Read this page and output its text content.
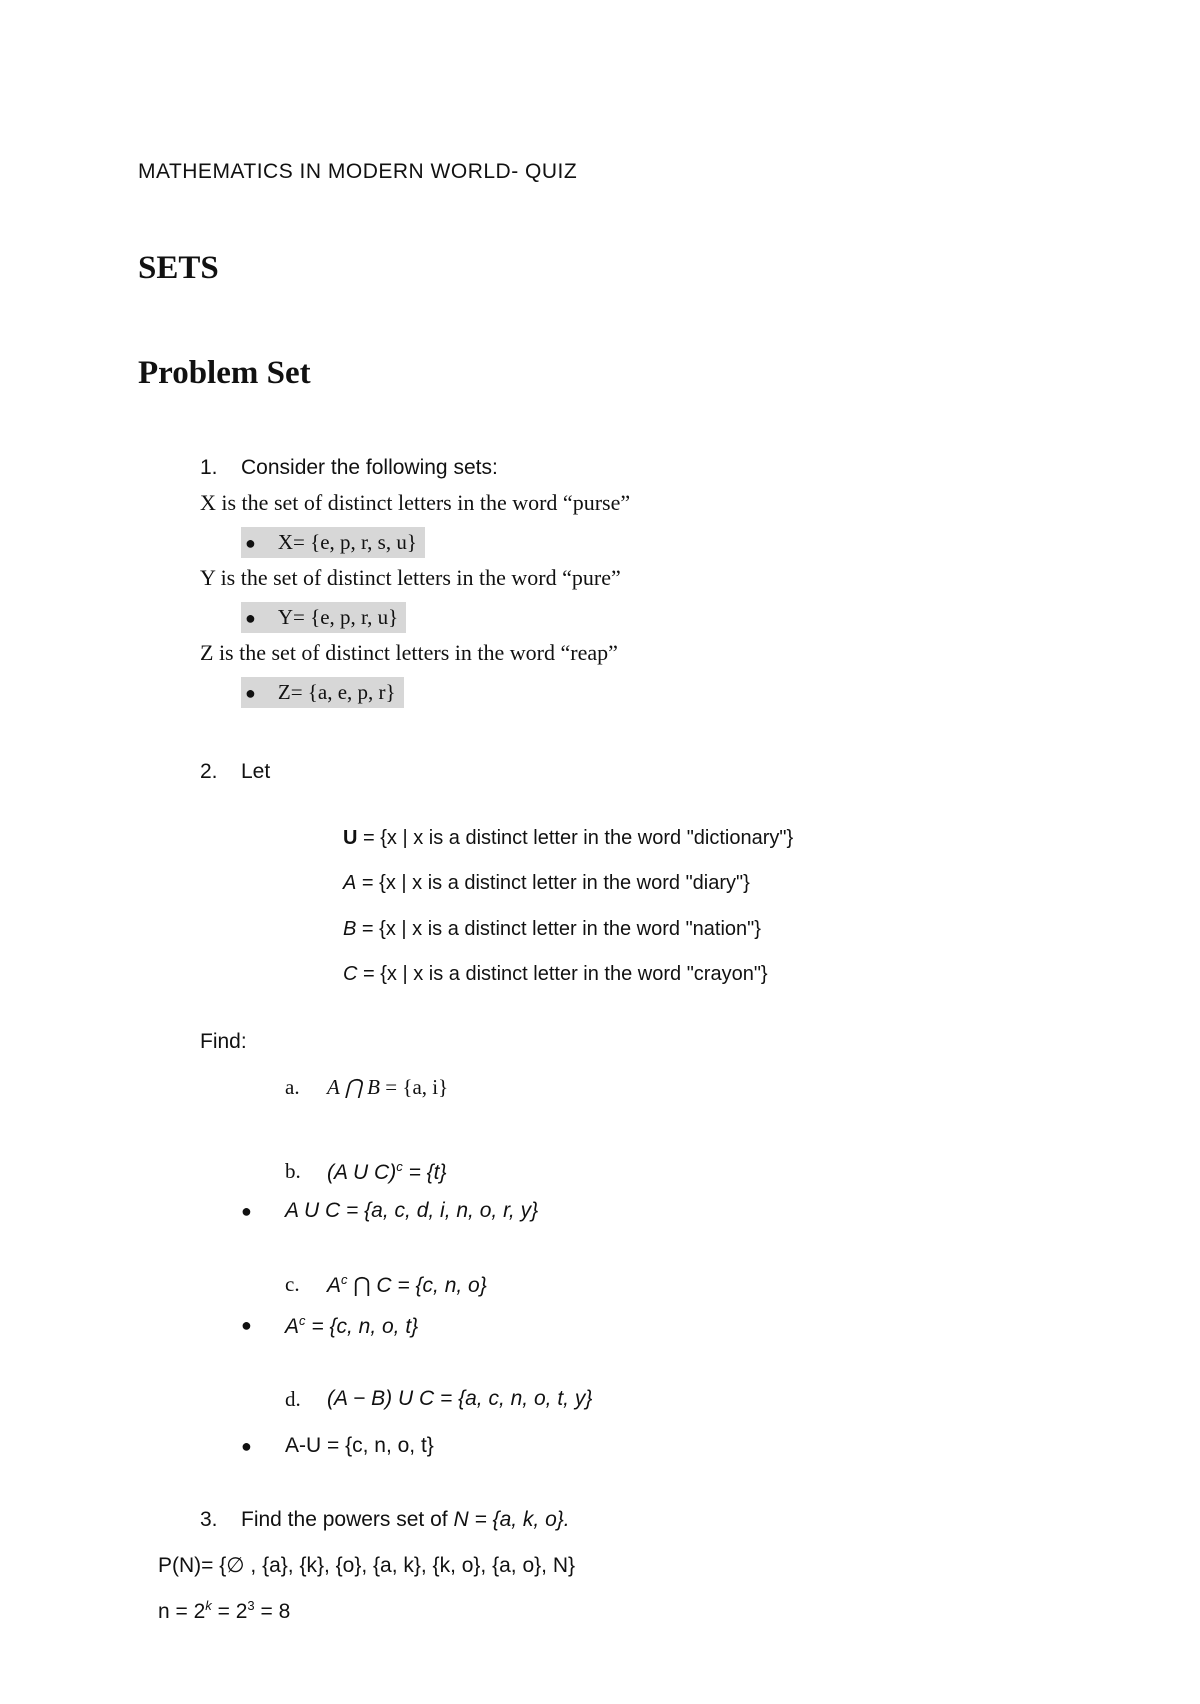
MATHEMATICS IN MODERN WORLD- QUIZ
SETS
Problem Set
1. Consider the following sets:
X is the set of distinct letters in the word “purse”
● X= {e, p, r, s, u}
Y is the set of distinct letters in the word “pure”
● Y= {e, p, r, u}
Z is the set of distinct letters in the word “reap”
● Z= {a, e, p, r}
2. Let
U = {x | x is a distinct letter in the word "dictionary"}
A = {x | x is a distinct letter in the word "diary"}
B = {x | x is a distinct letter in the word "nation"}
C = {x | x is a distinct letter in the word "crayon"}
Find:
a. A ⋂ B = {a, i}
b. (A U C)$^c$ = {t}
● A U C = {a, c, d, i, n, o, r, y}
c. $A^c$ ⋂ C = {c, n, o}
● $A^c = \{c$, n, o, t}
d. (A − B) U C = {a, c, n, o, t, y}
● A-U = {c, n, o, t}
3. Find the powers set of N = {a, k, o}.
P(N)= {∅ , {a}, {k}, {o}, {a, k}, {k, o}, {a, o}, N}
$n = 2^k = 2^3 = 8$
